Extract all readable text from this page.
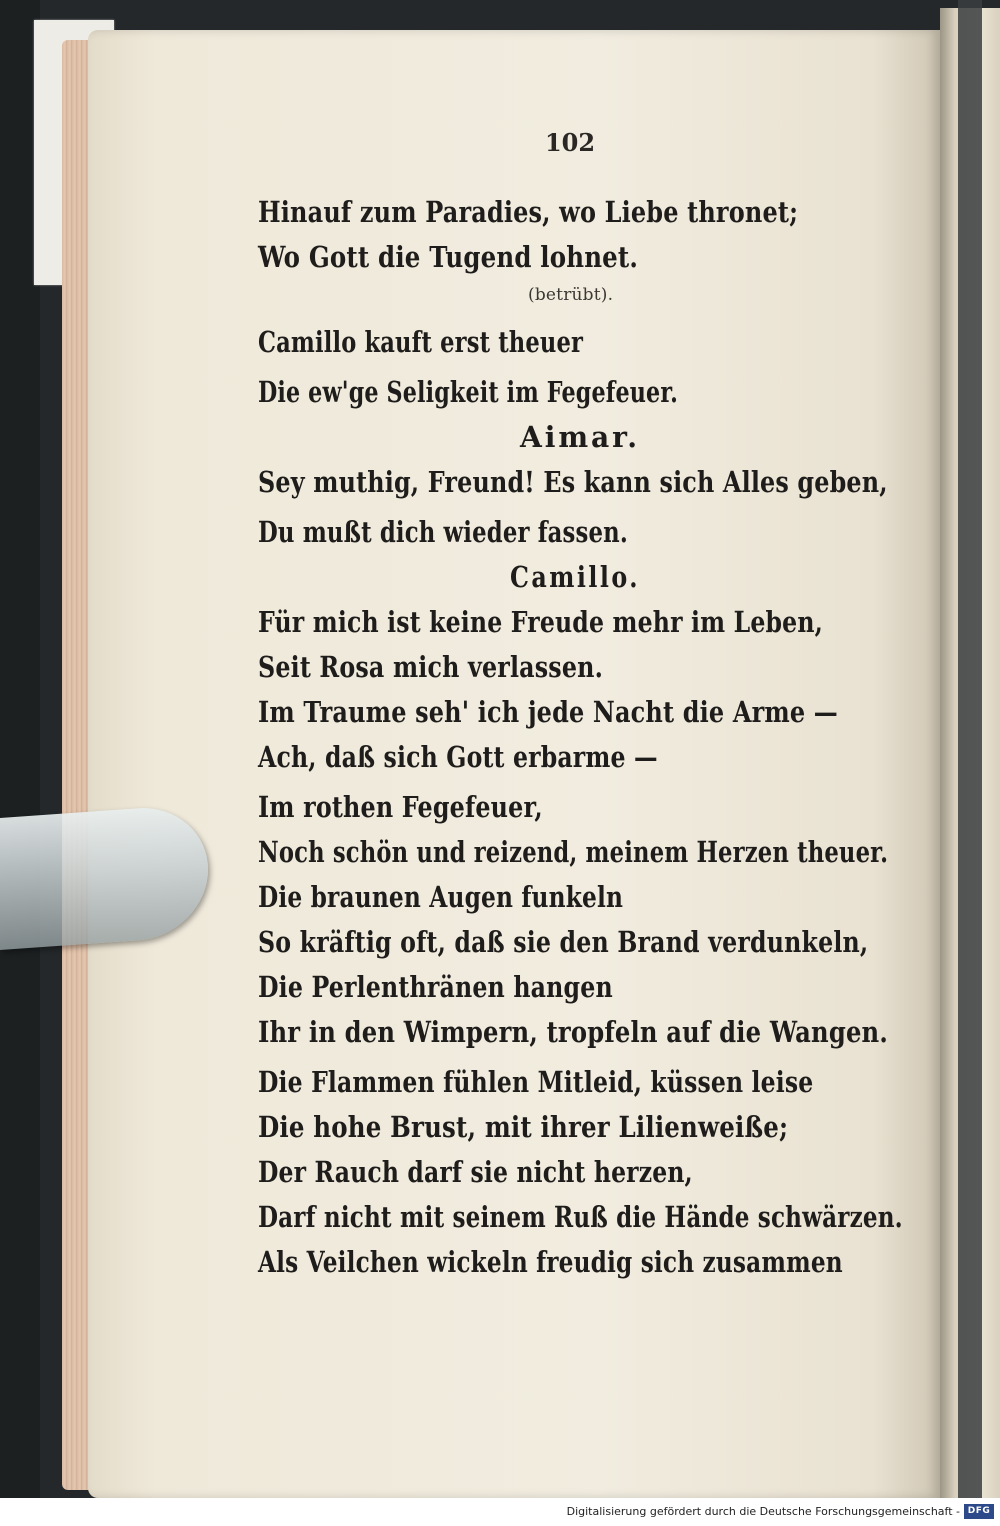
102
Hinauf zum Paradies, wo Liebe thronet;
Wo Gott die Tugend lohnet.
(betrübt).
Camillo kauft erst theuer
Die ew'ge Seligkeit im Fegefeuer.
Aimar.
Sey muthig, Freund! Es kann sich Alles geben,
Du mußt dich wieder fassen.
Camillo.
Für mich ist keine Freude mehr im Leben,
Seit Rosa mich verlassen.
Im Traume seh' ich jede Nacht die Arme —
Ach, daß sich Gott erbarme —
Im rothen Fegefeuer,
Noch schön und reizend, meinem Herzen theuer.
Die braunen Augen funkeln
So kräftig oft, daß sie den Brand verdunkeln,
Die Perlenthränen hangen
Ihr in den Wimpern, tropfeln auf die Wangen.
Die Flammen fühlen Mitleid, küssen leise
Die hohe Brust, mit ihrer Lilienweiße;
Der Rauch darf sie nicht herzen,
Darf nicht mit seinem Ruß die Hände schwärzen.
Als Veilchen wickeln freudig sich zusammen
Digitalisierung gefördert durch die Deutsche Forschungsgemeinschaft - DFG
